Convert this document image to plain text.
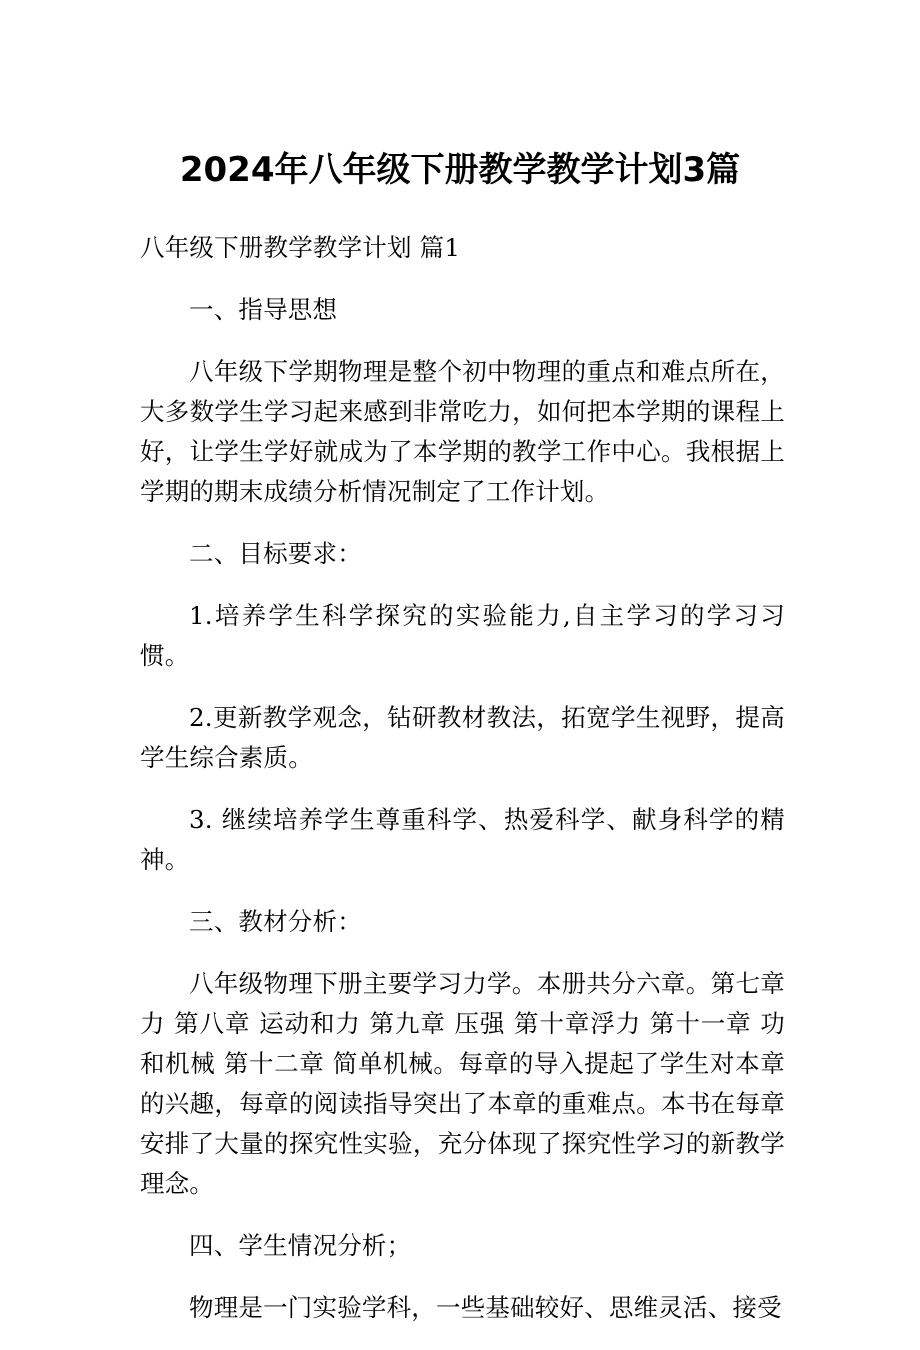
2024年八年级下册教学教学计划3篇

八年级下册教学教学计划 篇1

一、指导思想

八年级下学期物理是整个初中物理的重点和难点所在，大多数学生学习起来感到非常吃力，如何把本学期的课程上好，让学生学好就成为了本学期的教学工作中心。我根据上学期的期末成绩分析情况制定了工作计划。

二、目标要求：

1.培养学生科学探究的实验能力,自主学习的学习习惯。

2.更新教学观念，钻研教材教法，拓宽学生视野，提高学生综合素质。

3. 继续培养学生尊重科学、热爱科学、献身科学的精神。

三、教材分析：

八年级物理下册主要学习力学。本册共分六章。第七章 力 第八章 运动和力 第九章 压强 第十章浮力 第十一章 功和机械 第十二章 简单机械。每章的导入提起了学生对本章的兴趣，每章的阅读指导突出了本章的重难点。本书在每章安排了大量的探究性实验，充分体现了探究性学习的新教学理念。

四、学生情况分析；

物理是一门实验学科，一些基础较好、思维灵活、接受
